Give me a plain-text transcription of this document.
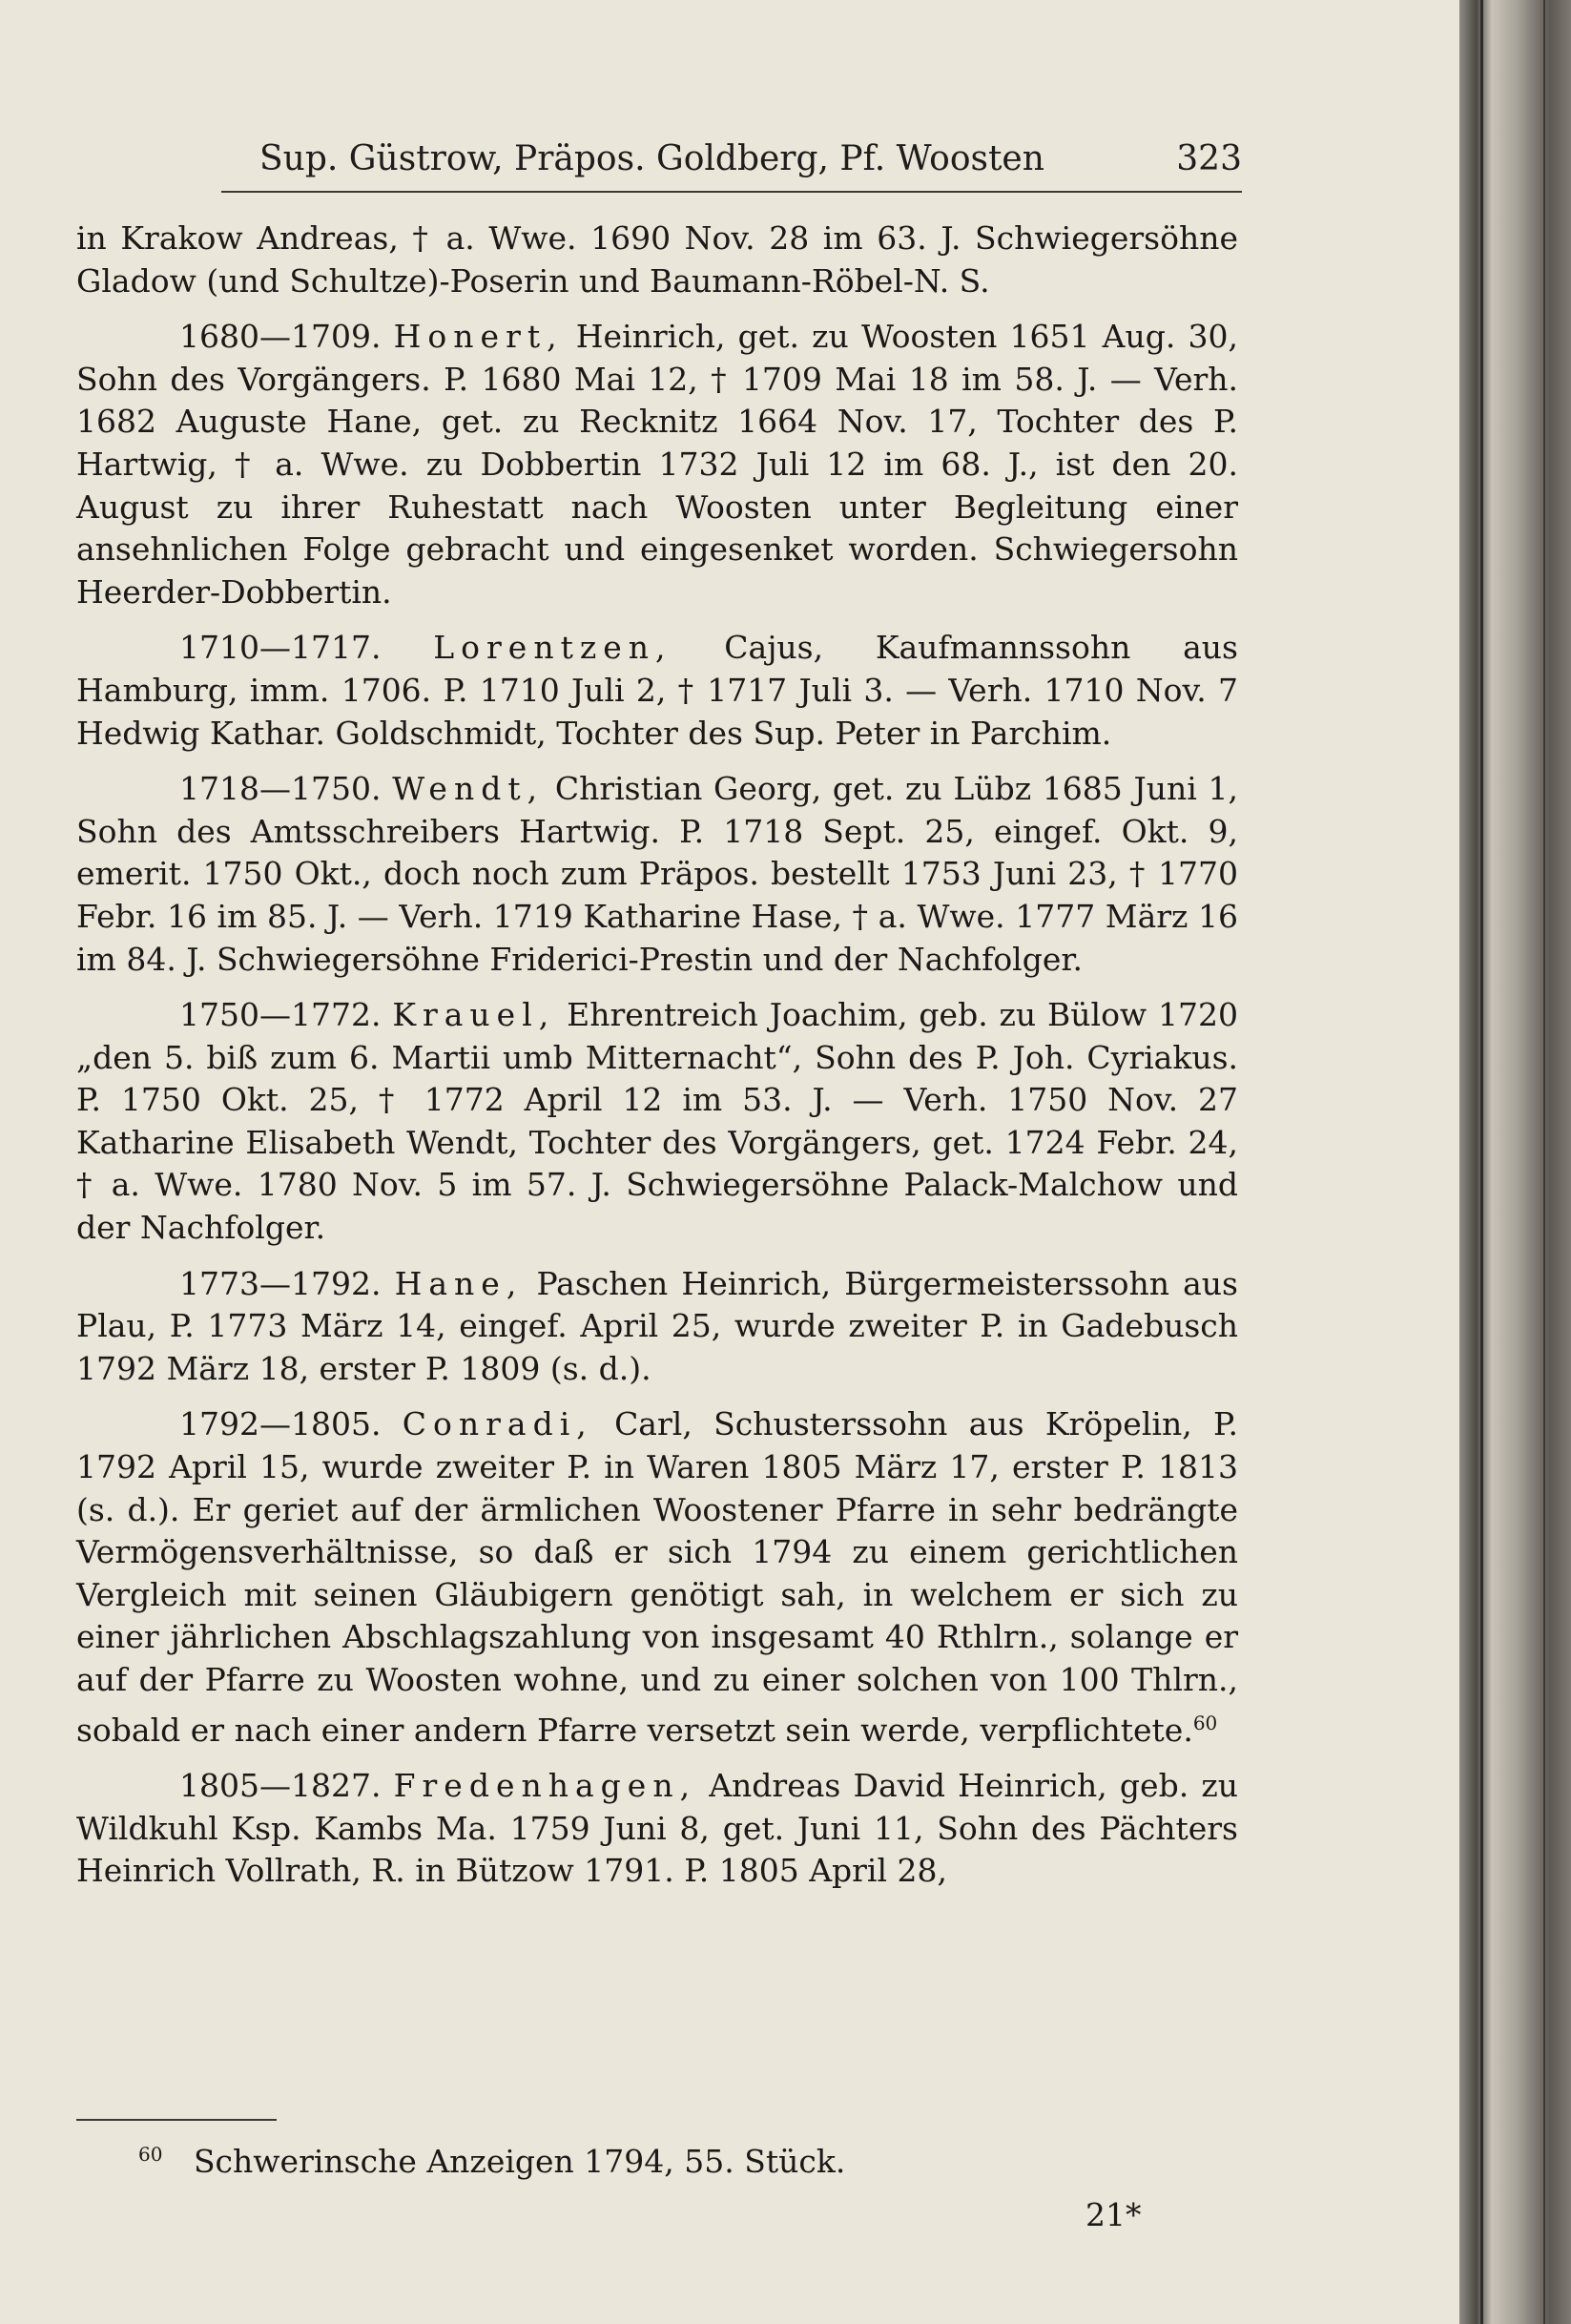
Sup. Güstrow, Präpos. Goldberg, Pf. Woosten	323

in Krakow Andreas, † a. Wwe. 1690 Nov. 28 im 63. J. Schwiegersöhne Gladow (und Schultze)-Poserin und Baumann-Röbel-N. S.

1680—1709. Honert, Heinrich, get. zu Woosten 1651 Aug. 30, Sohn des Vorgängers. P. 1680 Mai 12, † 1709 Mai 18 im 58. J. — Verh. 1682 Auguste Hane, get. zu Recknitz 1664 Nov. 17, Tochter des P. Hartwig, † a. Wwe. zu Dobbertin 1732 Juli 12 im 68. J., ist den 20. August zu ihrer Ruhestatt nach Woosten unter Begleitung einer ansehnlichen Folge gebracht und eingesenket worden. Schwiegersohn Heerder-Dobbertin.

1710—1717. Lorentzen, Cajus, Kaufmannssohn aus Hamburg, imm. 1706. P. 1710 Juli 2, † 1717 Juli 3. — Verh. 1710 Nov. 7 Hedwig Kathar. Goldschmidt, Tochter des Sup. Peter in Parchim.

1718—1750. Wendt, Christian Georg, get. zu Lübz 1685 Juni 1, Sohn des Amtsschreibers Hartwig. P. 1718 Sept. 25, eingef. Okt. 9, emerit. 1750 Okt., doch noch zum Präpos. bestellt 1753 Juni 23, † 1770 Febr. 16 im 85. J. — Verh. 1719 Katharine Hase, † a. Wwe. 1777 März 16 im 84. J. Schwiegersöhne Friderici-Prestin und der Nachfolger.

1750—1772. Krauel, Ehrentreich Joachim, geb. zu Bülow 1720 „den 5. biß zum 6. Martii umb Mitternacht“, Sohn des P. Joh. Cyriakus. P. 1750 Okt. 25, † 1772 April 12 im 53. J. — Verh. 1750 Nov. 27 Katharine Elisabeth Wendt, Tochter des Vorgängers, get. 1724 Febr. 24, † a. Wwe. 1780 Nov. 5 im 57. J. Schwiegersöhne Palack-Malchow und der Nachfolger.

1773—1792. Hane, Paschen Heinrich, Bürgermeisterssohn aus Plau, P. 1773 März 14, eingef. April 25, wurde zweiter P. in Gadebusch 1792 März 18, erster P. 1809 (s. d.).

1792—1805. Conradi, Carl, Schusterssohn aus Kröpelin, P. 1792 April 15, wurde zweiter P. in Waren 1805 März 17, erster P. 1813 (s. d.). Er geriet auf der ärmlichen Woostener Pfarre in sehr bedrängte Vermögensverhältnisse, so daß er sich 1794 zu einem gerichtlichen Vergleich mit seinen Gläubigern genötigt sah, in welchem er sich zu einer jährlichen Abschlagszahlung von insgesamt 40 Rthlrn., solange er auf der Pfarre zu Woosten wohne, und zu einer solchen von 100 Thlrn., sobald er nach einer andern Pfarre versetzt sein werde, verpflichtete.$^{60}$

1805—1827. Fredenhagen, Andreas David Heinrich, geb. zu Wildkuhl Ksp. Kambs Ma. 1759 Juni 8, get. Juni 11, Sohn des Pächters Heinrich Vollrath, R. in Bützow 1791. P. 1805 April 28,

$^{60}$ Schwerinsche Anzeigen 1794, 55. Stück.
21*
